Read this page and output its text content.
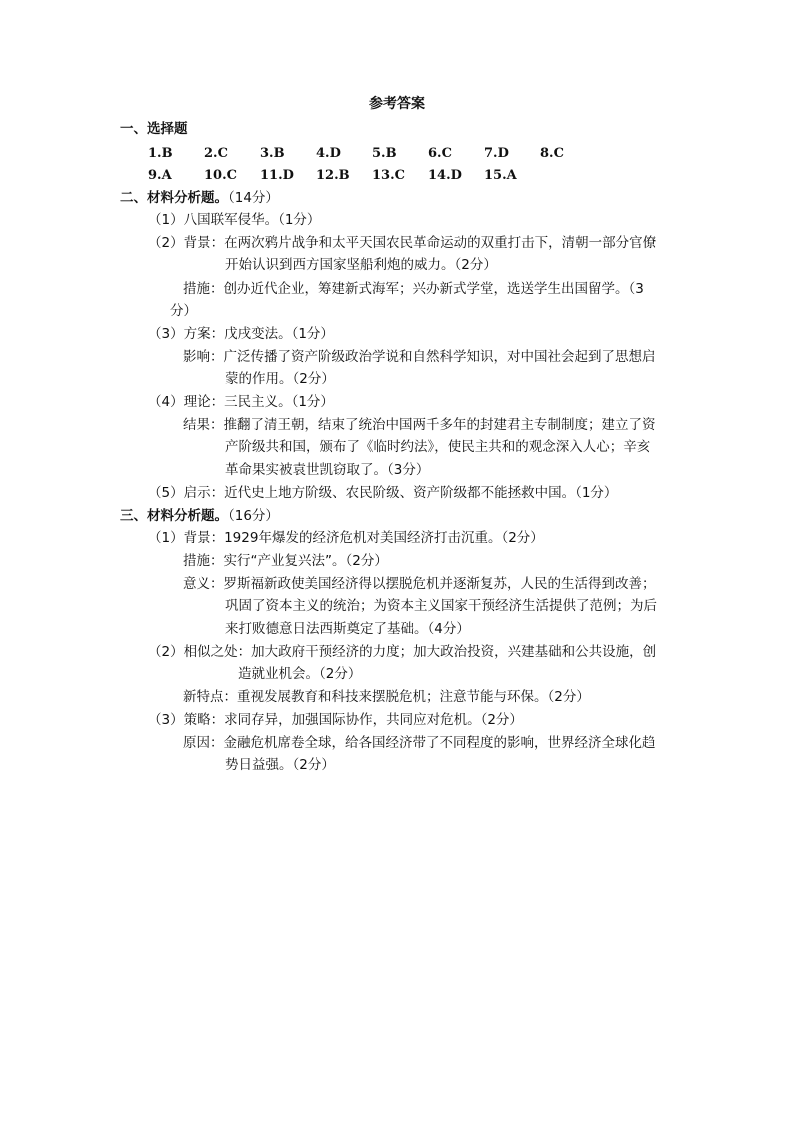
参考答案
一、选择题
1.B 2.C 3.B 4.D 5.B 6.C 7.D 8.C
9.A 10.C 11.D 12.B 13.C 14.D 15.A
二、材料分析题。（14分）
（1）八国联军侵华。（1分）
（2）背景：在两次鸦片战争和太平天国农民革命运动的双重打击下，清朝一部分官僚
开始认识到西方国家坚船利炮的威力。（2分）
措施：创办近代企业，筹建新式海军；兴办新式学堂，选送学生出国留学。（3
分）
（3）方案：戊戌变法。（1分）
影响：广泛传播了资产阶级政治学说和自然科学知识，对中国社会起到了思想启
蒙的作用。（2分）
（4）理论：三民主义。（1分）
结果：推翻了清王朝，结束了统治中国两千多年的封建君主专制制度；建立了资
产阶级共和国，颁布了《临时约法》，使民主共和的观念深入人心；辛亥
革命果实被袁世凯窃取了。（3分）
（5）启示：近代史上地方阶级、农民阶级、资产阶级都不能拯救中国。（1分）
三、材料分析题。（16分）
（1）背景：1929年爆发的经济危机对美国经济打击沉重。（2分）
措施：实行“产业复兴法”。（2分）
意义：罗斯福新政使美国经济得以摆脱危机并逐渐复苏，人民的生活得到改善；
巩固了资本主义的统治；为资本主义国家干预经济生活提供了范例；为后
来打败德意日法西斯奠定了基础。（4分）
（2）相似之处：加大政府干预经济的力度；加大政治投资，兴建基础和公共设施，创
造就业机会。（2分）
新特点：重视发展教育和科技来摆脱危机；注意节能与环保。（2分）
（3）策略：求同存异，加强国际协作，共同应对危机。（2分）
原因：金融危机席卷全球，给各国经济带了不同程度的影响，世界经济全球化趋
势日益强。（2分）
